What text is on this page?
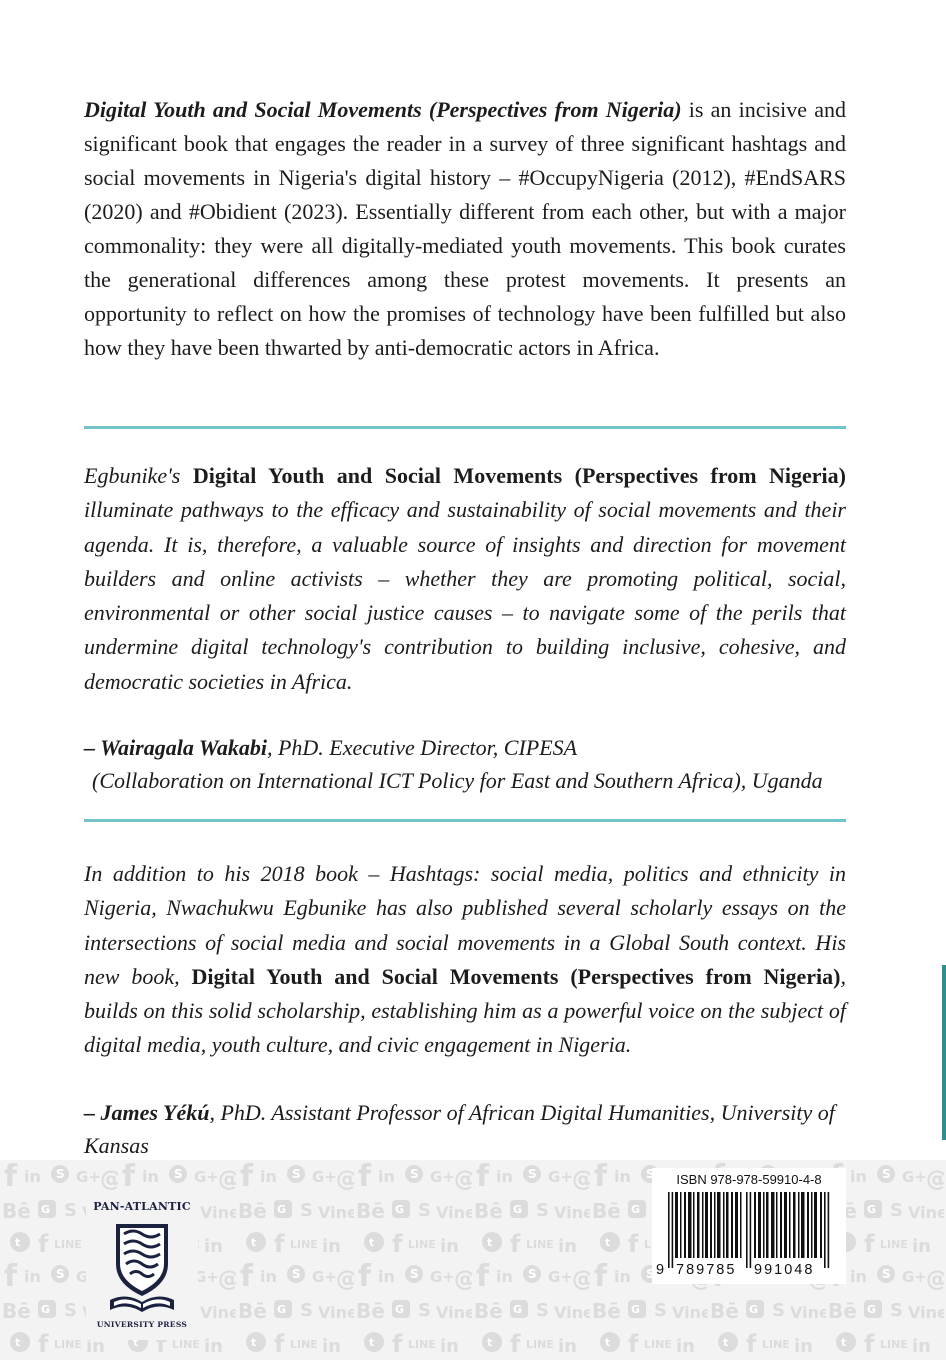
Digital Youth and Social Movements (Perspectives from Nigeria) is an incisive and significant book that engages the reader in a survey of three significant hashtags and social movements in Nigeria's digital history – #OccupyNigeria (2012), #EndSARS (2020) and #Obidient (2023). Essentially different from each other, but with a major commonality: they were all digitally-mediated youth movements. This book curates the generational differences among these protest movements. It presents an opportunity to reflect on how the promises of technology have been fulfilled but also how they have been thwarted by anti-democratic actors in Africa.

Egbunike's Digital Youth and Social Movements (Perspectives from Nigeria) illuminate pathways to the efficacy and sustainability of social movements and their agenda. It is, therefore, a valuable source of insights and direction for movement builders and online activists – whether they are promoting political, social, environmental or other social justice causes – to navigate some of the perils that undermine digital technology's contribution to building inclusive, cohesive, and democratic societies in Africa.

– Wairagala Wakabi, PhD. Executive Director, CIPESA
(Collaboration on International ICT Policy for East and Southern Africa), Uganda

In addition to his 2018 book – Hashtags: social media, politics and ethnicity in Nigeria, Nwachukwu Egbunike has also published several scholarly essays on the intersections of social media and social movements in a Global South context. His new book, Digital Youth and Social Movements (Perspectives from Nigeria), builds on this solid scholarship, establishing him as a powerful voice on the subject of digital media, youth culture, and civic engagement in Nigeria.

– James Yékú, PhD. Assistant Professor of African Digital Humanities, University of Kansas

PAN-ATLANTIC
UNIVERSITY PRESS
ISBN 978-978-59910-4-8
9 789785 991048
